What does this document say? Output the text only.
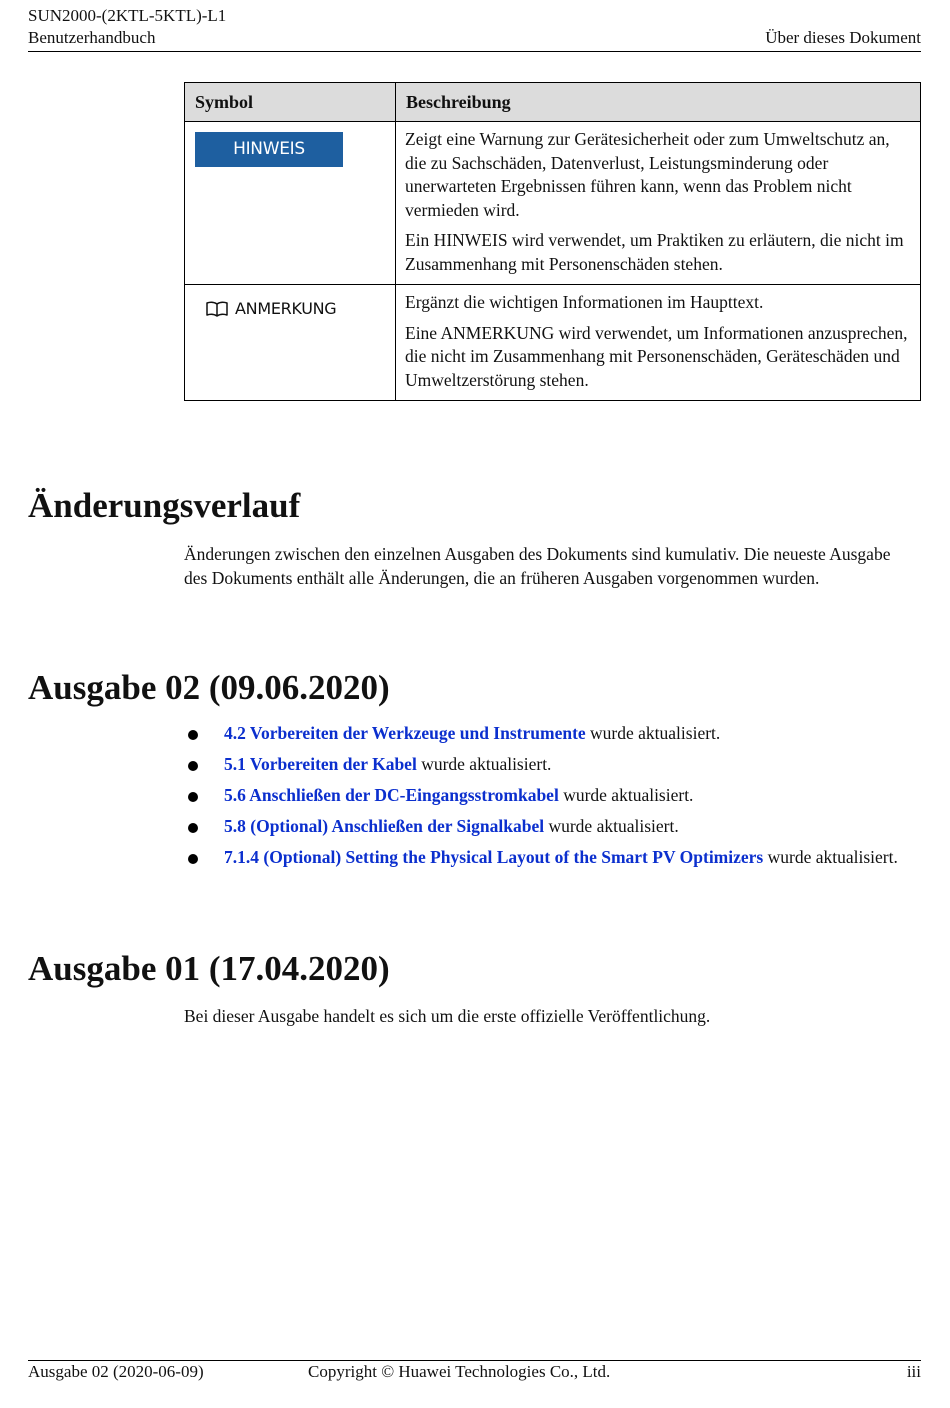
SUN2000-(2KTL-5KTL)-L1
Benutzerhandbuch	Über dieses Dokument
Symbol	Beschreibung
HINWEIS	Zeigt eine Warnung zur Gerätesicherheit oder zum Umweltschutz an, die zu Sachschäden, Datenverlust, Leistungsminderung oder unerwarteten Ergebnissen führen kann, wenn das Problem nicht vermieden wird.

Ein HINWEIS wird verwendet, um Praktiken zu erläutern, die nicht im Zusammenhang mit Personenschäden stehen.

ANMERKUNG	Ergänzt die wichtigen Informationen im Haupttext.

Eine ANMERKUNG wird verwendet, um Informationen anzusprechen, die nicht im Zusammenhang mit Personenschäden, Geräteschäden und Umweltzerstörung stehen.

Änderungsverlauf

Änderungen zwischen den einzelnen Ausgaben des Dokuments sind kumulativ. Die neueste Ausgabe des Dokuments enthält alle Änderungen, die an früheren Ausgaben vorgenommen wurden.

Ausgabe 02 (09.06.2020)
4.2 Vorbereiten der Werkzeuge und Instrumente wurde aktualisiert.
5.1 Vorbereiten der Kabel wurde aktualisiert.
5.6 Anschließen der DC-Eingangsstromkabel wurde aktualisiert.
5.8 (Optional) Anschließen der Signalkabel wurde aktualisiert.
7.1.4 (Optional) Setting the Physical Layout of the Smart PV Optimizers wurde aktualisiert.
Ausgabe 01 (17.04.2020)

Bei dieser Ausgabe handelt es sich um die erste offizielle Veröffentlichung.

Ausgabe 02 (2020-06-09)	Copyright © Huawei Technologies Co., Ltd.	iii
